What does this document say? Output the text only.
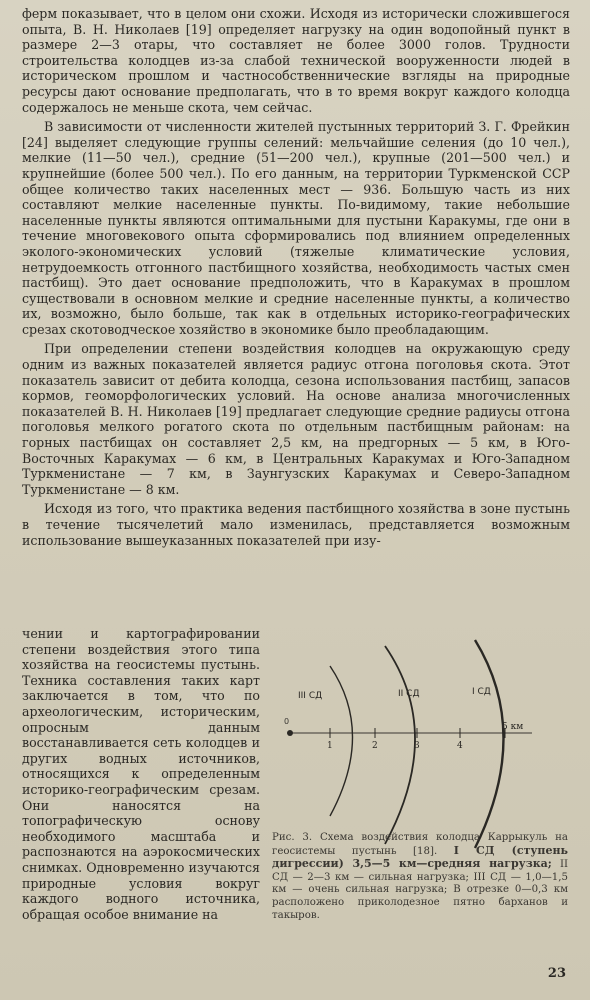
ферм показывает, что в целом они схожи. Исходя из исторически сложившегося опыта, В. Н. Николаев [19] определяет нагрузку на один водопойный пункт в размере 2—3 отары, что составляет не более 3000 голов. Трудности строительства колодцев из-за слабой технической вооруженности людей в историческом прошлом и частнособственнические взгляды на природные ресурсы дают основание предполагать, что в то время вокруг каждого колодца содержалось не меньше скота, чем сейчас.

В зависимости от численности жителей пустынных территорий З. Г. Фрейкин [24] выделяет следующие группы селений: мельчайшие селения (до 10 чел.), мелкие (11—50 чел.), средние (51—200 чел.), крупные (201—500 чел.) и крупнейшие (более 500 чел.). По его данным, на территории Туркменской ССР общее количество таких населенных мест — 936. Большую часть из них составляют мелкие населенные пункты. По-видимому, такие небольшие населенные пункты являются оптимальными для пустыни Каракумы, где они в течение многовекового опыта сформировались под влиянием определенных эколого-экономических условий (тяжелые климатические условия, нетрудоемкость отгонного пастбищного хозяйства, необходимость частых смен пастбищ). Это дает основание предположить, что в Каракумах в прошлом существовали в основном мелкие и средние населенные пункты, а количество их, возможно, было больше, так как в отдельных историко-географических срезах скотоводческое хозяйство в экономике было преобладающим.

При определении степени воздействия колодцев на окружающую среду одним из важных показателей является радиус отгона поголовья скота. Этот показатель зависит от дебита колодца, сезона использования пастбищ, запасов кормов, геоморфологических условий. На основе анализа многочисленных показателей В. Н. Николаев [19] предлагает следующие средние радиусы отгона поголовья мелкого рогатого скота по отдельным пастбищным районам: на горных пастбищах он составляет 2,5 км, на предгорных — 5 км, в Юго-Восточных Каракумах — 6 км, в Центральных Каракумах и Юго-Западном Туркменистане — 7 км, в Заунгузских Каракумах и Северо-Западном Туркменистане — 8 км.

Исходя из того, что практика ведения пастбищного хозяйства в зоне пустынь в течение тысячелетий мало изменилась, представляется возможным использование вышеуказанных показателей при изу-

чении и картографировании степени воздействия этого типа хозяйства на геосистемы пустынь. Техника составления таких карт заключается в том, что по археологическим, историческим, опросным данным восстанавливается сеть колодцев и других водных источников, относящихся к определенным историко-географическим срезам. Они наносятся на топографическую основу необходимого масштаба и распознаются на аэрокосмических снимках. Одновременно изучаются природные условия вокруг каждого водного источника, обращая особое внимание на
0
1	2	3	4
5 км
III СД	II СД	I СД
Рис. 3. Схема воздействия колодца Каррыкуль на геосистемы пустынь [18]. I СД (ступень дигрессии) 3,5—5 км—средняя нагрузка; II СД — 2—3 км — сильная нагрузка; III СД — 1,0—1,5 км — очень сильная нагрузка; В отрезке 0—0,3 км расположено приколодезное пятно барханов и такыров.
23
